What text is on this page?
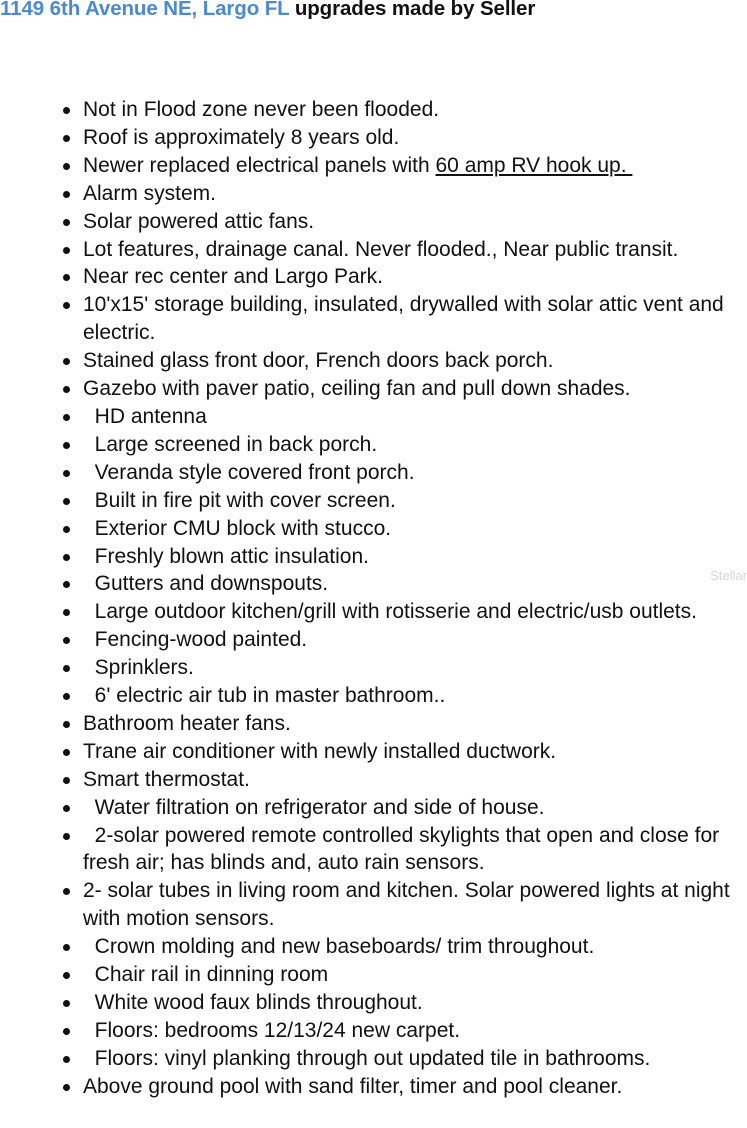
1149 6th Avenue NE, Largo FL upgrades made by Seller
Not in Flood zone never been flooded.
Roof is approximately 8 years old.
Newer replaced electrical panels with 60 amp RV hook up.
Alarm system.
Solar powered attic fans.
Lot features, drainage canal. Never flooded., Near public transit.
Near rec center and Largo Park.
10'x15' storage building, insulated, drywalled with solar attic vent and electric.
Stained glass front door, French doors back porch.
Gazebo with paver patio, ceiling fan and pull down shades.
HD antenna
Large screened in back porch.
Veranda style covered front porch.
Built in fire pit with cover screen.
Exterior CMU block with stucco.
Freshly blown attic insulation.
Gutters and downspouts.
Large outdoor kitchen/grill with rotisserie and electric/usb outlets.
Fencing-wood painted.
Sprinklers.
6' electric air tub in master bathroom..
Bathroom heater fans.
Trane air conditioner with newly installed ductwork.
Smart thermostat.
Water filtration on refrigerator and side of house.
2-solar powered remote controlled skylights that open and close for fresh air; has blinds and, auto rain sensors.
2- solar tubes in living room and kitchen. Solar powered lights at night with motion sensors.
Crown molding and new baseboards/ trim throughout.
Chair rail in dinning room
White wood faux blinds throughout.
Floors: bedrooms 12/13/24 new carpet.
Floors: vinyl planking through out updated tile in bathrooms.
Above ground pool with sand filter, timer and pool cleaner.
Stellar
